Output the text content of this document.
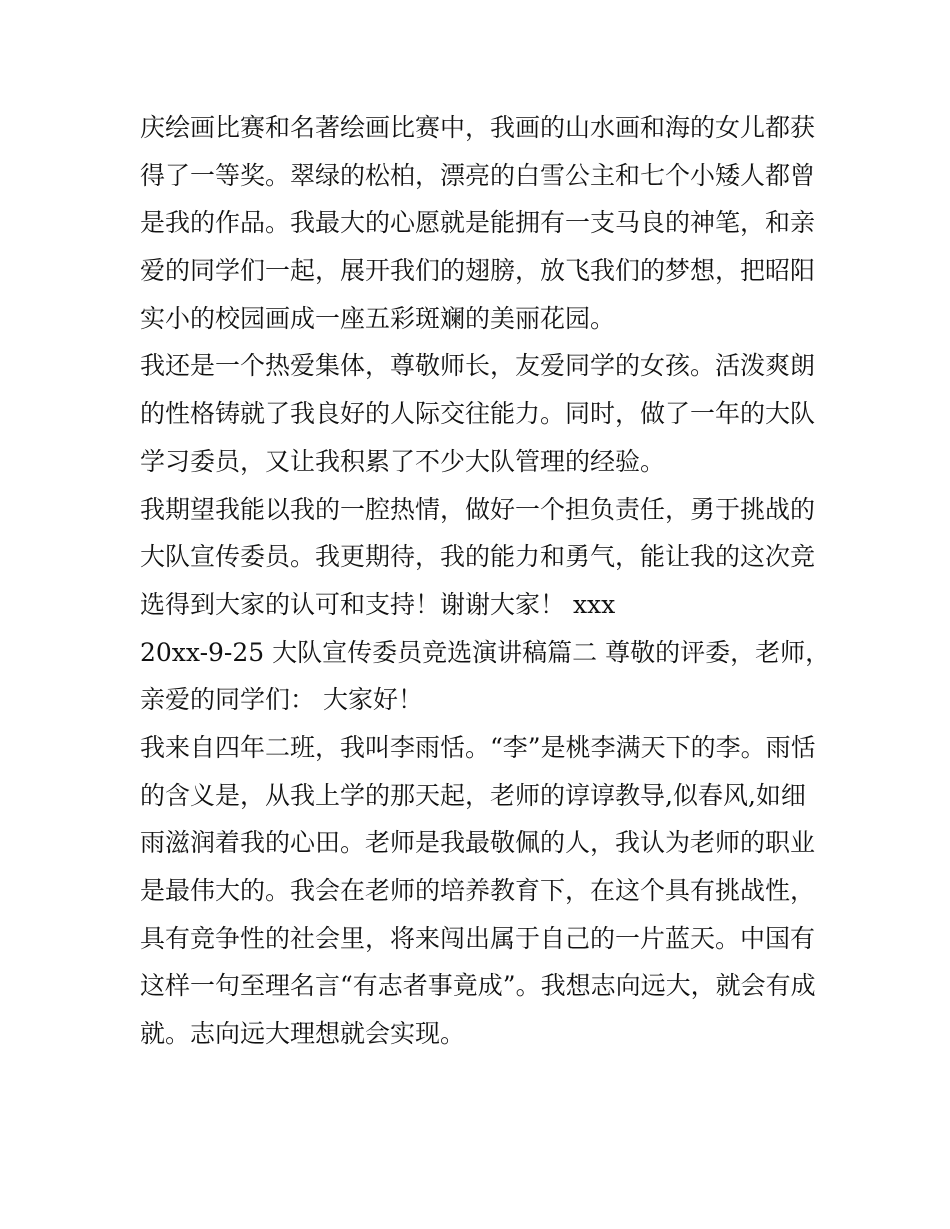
庆绘画比赛和名著绘画比赛中，我画的山水画和海的女儿都获
得了一等奖。翠绿的松柏，漂亮的白雪公主和七个小矮人都曾
是我的作品。我最大的心愿就是能拥有一支马良的神笔，和亲
爱的同学们一起，展开我们的翅膀，放飞我们的梦想，把昭阳
实小的校园画成一座五彩斑斓的美丽花园。
我还是一个热爱集体，尊敬师长，友爱同学的女孩。活泼爽朗
的性格铸就了我良好的人际交往能力。同时，做了一年的大队
学习委员，又让我积累了不少大队管理的经验。
我期望我能以我的一腔热情，做好一个担负责任，勇于挑战的
大队宣传委员。我更期待，我的能力和勇气，能让我的这次竞
选得到大家的认可和支持！谢谢大家！ xxx
20xx-9-25 大队宣传委员竞选演讲稿篇二 尊敬的评委，老师，
亲爱的同学们： 大家好！
我来自四年二班，我叫李雨恬。“李”是桃李满天下的李。雨恬
的含义是，从我上学的那天起，老师的谆谆教导,似春风,如细
雨滋润着我的心田。老师是我最敬佩的人，我认为老师的职业
是最伟大的。我会在老师的培养教育下，在这个具有挑战性，
具有竞争性的社会里，将来闯出属于自己的一片蓝天。中国有
这样一句至理名言“有志者事竟成”。我想志向远大，就会有成
就。志向远大理想就会实现。
